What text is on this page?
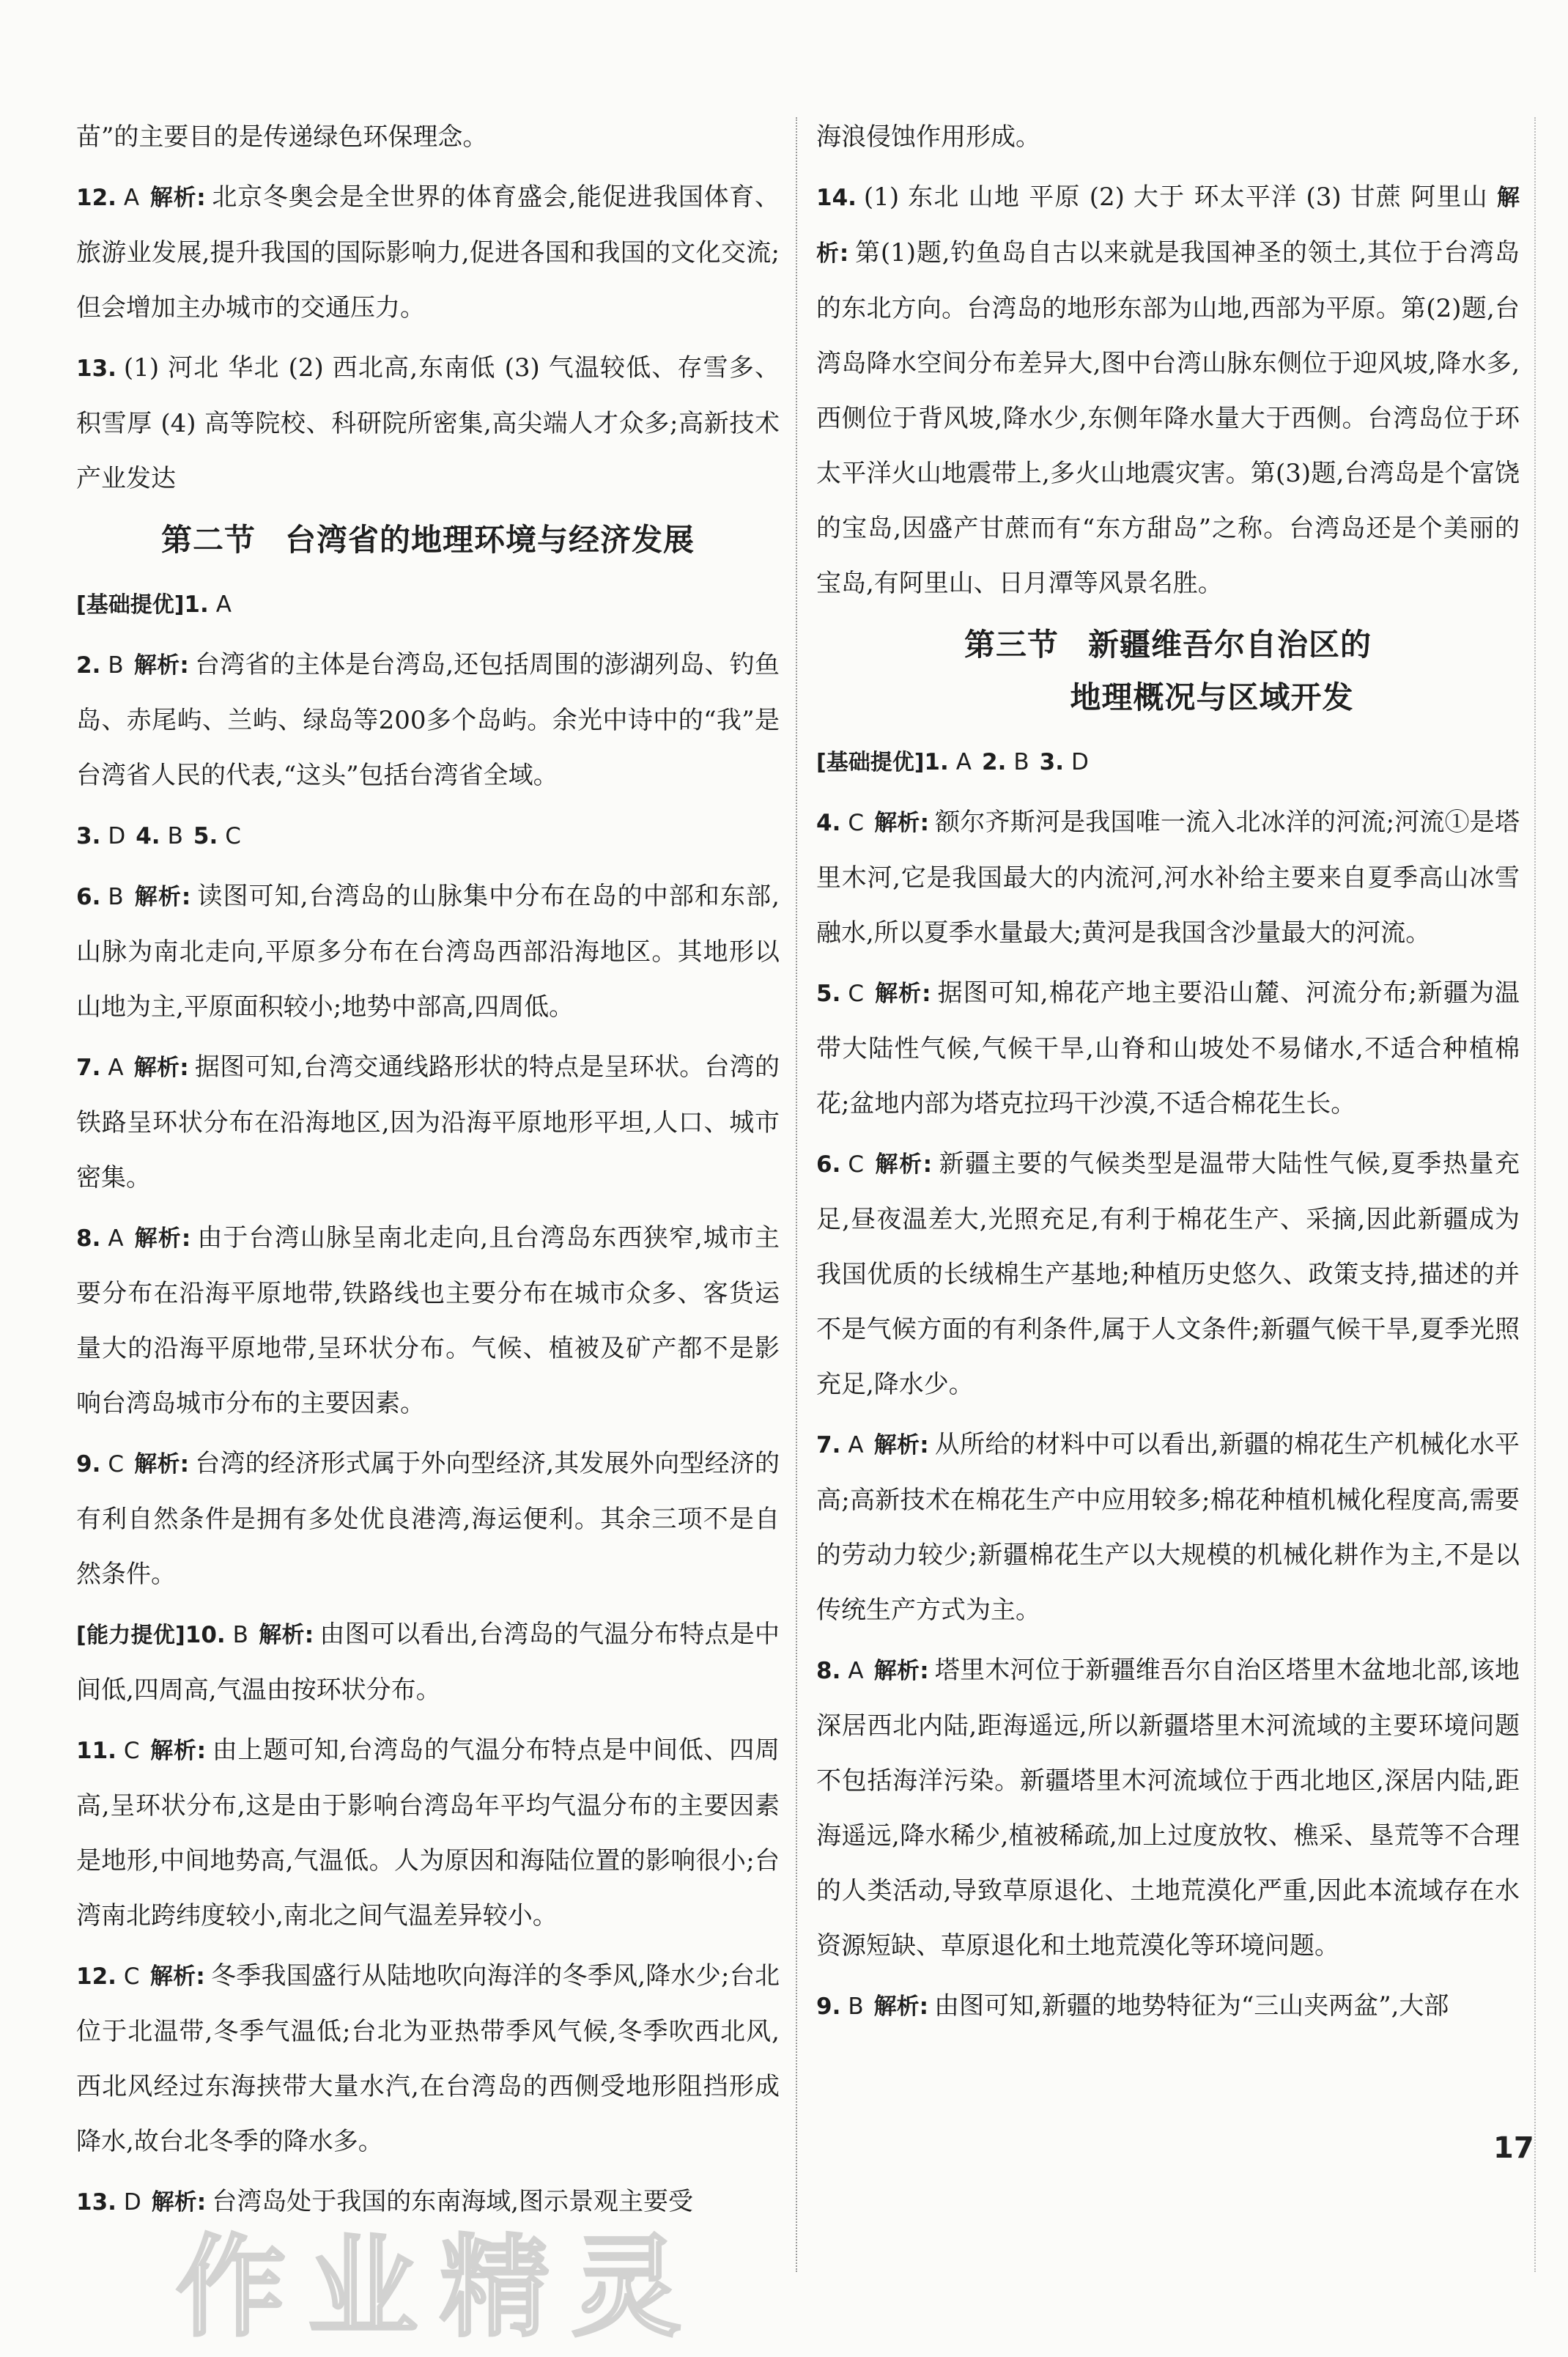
苗”的主要目的是传递绿色环保理念。

12. A 解析: 北京冬奥会是全世界的体育盛会,能促进我国体育、旅游业发展,提升我国的国际影响力,促进各国和我国的文化交流;但会增加主办城市的交通压力。

13. (1) 河北 华北 (2) 西北高,东南低 (3) 气温较低、存雪多、积雪厚 (4) 高等院校、科研院所密集,高尖端人才众多;高新技术产业发达

第二节 台湾省的地理环境与经济发展

[基础提优]1. A

2. B 解析: 台湾省的主体是台湾岛,还包括周围的澎湖列岛、钓鱼岛、赤尾屿、兰屿、绿岛等200多个岛屿。余光中诗中的“我”是台湾省人民的代表,“这头”包括台湾省全域。

3. D 4. B 5. C

6. B 解析: 读图可知,台湾岛的山脉集中分布在岛的中部和东部,山脉为南北走向,平原多分布在台湾岛西部沿海地区。其地形以山地为主,平原面积较小;地势中部高,四周低。

7. A 解析: 据图可知,台湾交通线路形状的特点是呈环状。台湾的铁路呈环状分布在沿海地区,因为沿海平原地形平坦,人口、城市密集。

8. A 解析: 由于台湾山脉呈南北走向,且台湾岛东西狭窄,城市主要分布在沿海平原地带,铁路线也主要分布在城市众多、客货运量大的沿海平原地带,呈环状分布。气候、植被及矿产都不是影响台湾岛城市分布的主要因素。

9. C 解析: 台湾的经济形式属于外向型经济,其发展外向型经济的有利自然条件是拥有多处优良港湾,海运便利。其余三项不是自然条件。

[能力提优]10. B 解析: 由图可以看出,台湾岛的气温分布特点是中间低,四周高,气温由按环状分布。

11. C 解析: 由上题可知,台湾岛的气温分布特点是中间低、四周高,呈环状分布,这是由于影响台湾岛年平均气温分布的主要因素是地形,中间地势高,气温低。人为原因和海陆位置的影响很小;台湾南北跨纬度较小,南北之间气温差异较小。

12. C 解析: 冬季我国盛行从陆地吹向海洋的冬季风,降水少;台北位于北温带,冬季气温低;台北为亚热带季风气候,冬季吹西北风,西北风经过东海挟带大量水汽,在台湾岛的西侧受地形阻挡形成降水,故台北冬季的降水多。

13. D 解析: 台湾岛处于我国的东南海域,图示景观主要受

海浪侵蚀作用形成。

14. (1) 东北 山地 平原 (2) 大于 环太平洋 (3) 甘蔗 阿里山 解析: 第(1)题,钓鱼岛自古以来就是我国神圣的领土,其位于台湾岛的东北方向。台湾岛的地形东部为山地,西部为平原。第(2)题,台湾岛降水空间分布差异大,图中台湾山脉东侧位于迎风坡,降水多,西侧位于背风坡,降水少,东侧年降水量大于西侧。台湾岛位于环太平洋火山地震带上,多火山地震灾害。第(3)题,台湾岛是个富饶的宝岛,因盛产甘蔗而有“东方甜岛”之称。台湾岛还是个美丽的宝岛,有阿里山、日月潭等风景名胜。

第三节 新疆维吾尔自治区的
地理概况与区域开发

[基础提优]1. A 2. B 3. D

4. C 解析: 额尔齐斯河是我国唯一流入北冰洋的河流;河流①是塔里木河,它是我国最大的内流河,河水补给主要来自夏季高山冰雪融水,所以夏季水量最大;黄河是我国含沙量最大的河流。

5. C 解析: 据图可知,棉花产地主要沿山麓、河流分布;新疆为温带大陆性气候,气候干旱,山脊和山坡处不易储水,不适合种植棉花;盆地内部为塔克拉玛干沙漠,不适合棉花生长。

6. C 解析: 新疆主要的气候类型是温带大陆性气候,夏季热量充足,昼夜温差大,光照充足,有利于棉花生产、采摘,因此新疆成为我国优质的长绒棉生产基地;种植历史悠久、政策支持,描述的并不是气候方面的有利条件,属于人文条件;新疆气候干旱,夏季光照充足,降水少。

7. A 解析: 从所给的材料中可以看出,新疆的棉花生产机械化水平高;高新技术在棉花生产中应用较多;棉花种植机械化程度高,需要的劳动力较少;新疆棉花生产以大规模的机械化耕作为主,不是以传统生产方式为主。

8. A 解析: 塔里木河位于新疆维吾尔自治区塔里木盆地北部,该地深居西北内陆,距海遥远,所以新疆塔里木河流域的主要环境问题不包括海洋污染。新疆塔里木河流域位于西北地区,深居内陆,距海遥远,降水稀少,植被稀疏,加上过度放牧、樵采、垦荒等不合理的人类活动,导致草原退化、土地荒漠化严重,因此本流域存在水资源短缺、草原退化和土地荒漠化等环境问题。

9. B 解析: 由图可知,新疆的地势特征为“三山夹两盆”,大部

17
作业精灵
